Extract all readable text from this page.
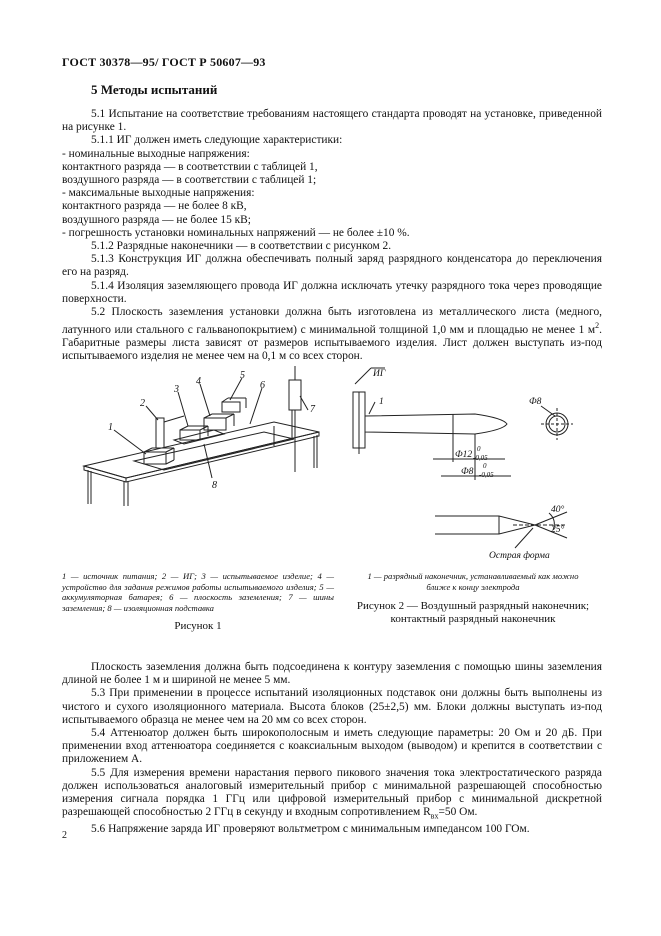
ГОСТ 30378—95/ ГОСТ Р 50607—93
5 Методы испытаний

5.1 Испытание на соответствие требованиям настоящего стандарта проводят на установке, приведенной на рисунке 1.

5.1.1 ИГ должен иметь следующие характеристики:

- номинальные выходные напряжения:

контактного разряда — в соответствии с таблицей 1,

воздушного разряда — в соответствии с таблицей 1;

- максимальные выходные напряжения:

контактного разряда — не более 8 кВ,

воздушного разряда — не более 15 кВ;

- погрешность установки номинальных напряжений — не более ±10 %.

5.1.2 Разрядные наконечники — в соответствии с рисунком 2.

5.1.3 Конструкция ИГ должна обеспечивать полный заряд разрядного конденсатора до переключения его на разряд.

5.1.4 Изоляция заземляющего провода ИГ должна исключать утечку разрядного тока через проводящие поверхности.

5.2 Плоскость заземления установки должна быть изготовлена из металлического листа (медного, латунного или стального с гальванопокрытием) с минимальной толщиной 1,0 мм и площадью не менее 1 $м^2$. Габаритные размеры листа зависят от размеров испытываемого изделия. Лист должен выступать из-под испытываемого изделия не менее чем на 0,1 м со всех сторон.

1
2
3
4
5
6
7
8
ИГ
1	Ф8
Ф12
0
-0,05
Ф8
0
-0,05
40°
25°
Острая форма
1 — источник питания; 2 — ИГ; 3 — испытываемое изделие; 4 — устройство для задания режимов работы испытываемого изделия; 5 — аккумуляторная батарея; 6 — плоскость заземления; 7 — шины заземления; 8 — изоляционная подставка
1 — разрядный наконечник, устанавливаемый как можно ближе к концу электрода
Рисунок 1
Рисунок 2 — Воздушный разрядный наконечник; контактный разрядный наконечник

Плоскость заземления должна быть подсоединена к контуру заземления с помощью шины заземления длиной не более 1 м и шириной не менее 5 мм.

5.3 При применении в процессе испытаний изоляционных подставок они должны быть выполнены из чистого и сухого изоляционного материала. Высота блоков (25±2,5) мм. Блоки должны выступать из-под испытываемого образца не менее чем на 20 мм со всех сторон.

5.4 Аттенюатор должен быть широкополосным и иметь следующие параметры: 20 Ом и 20 дБ. При применении вход аттенюатора соединяется с коаксиальным выходом (выводом) и крепится в соответствии с приложением А.

5.5 Для измерения времени нарастания первого пикового значения тока электростатического разряда должен использоваться аналоговый измерительный прибор с минимальной разрешающей способностью измерения сигнала порядка 1 ГГц или цифровой измерительный прибор с минимальной дискретной разрешающей способностью 2 ГГц в секунду и входным сопротивлением $R_{вх}=50$ Ом.

5.6 Напряжение заряда ИГ проверяют вольтметром с минимальным импедансом 100 ГОм.

2
